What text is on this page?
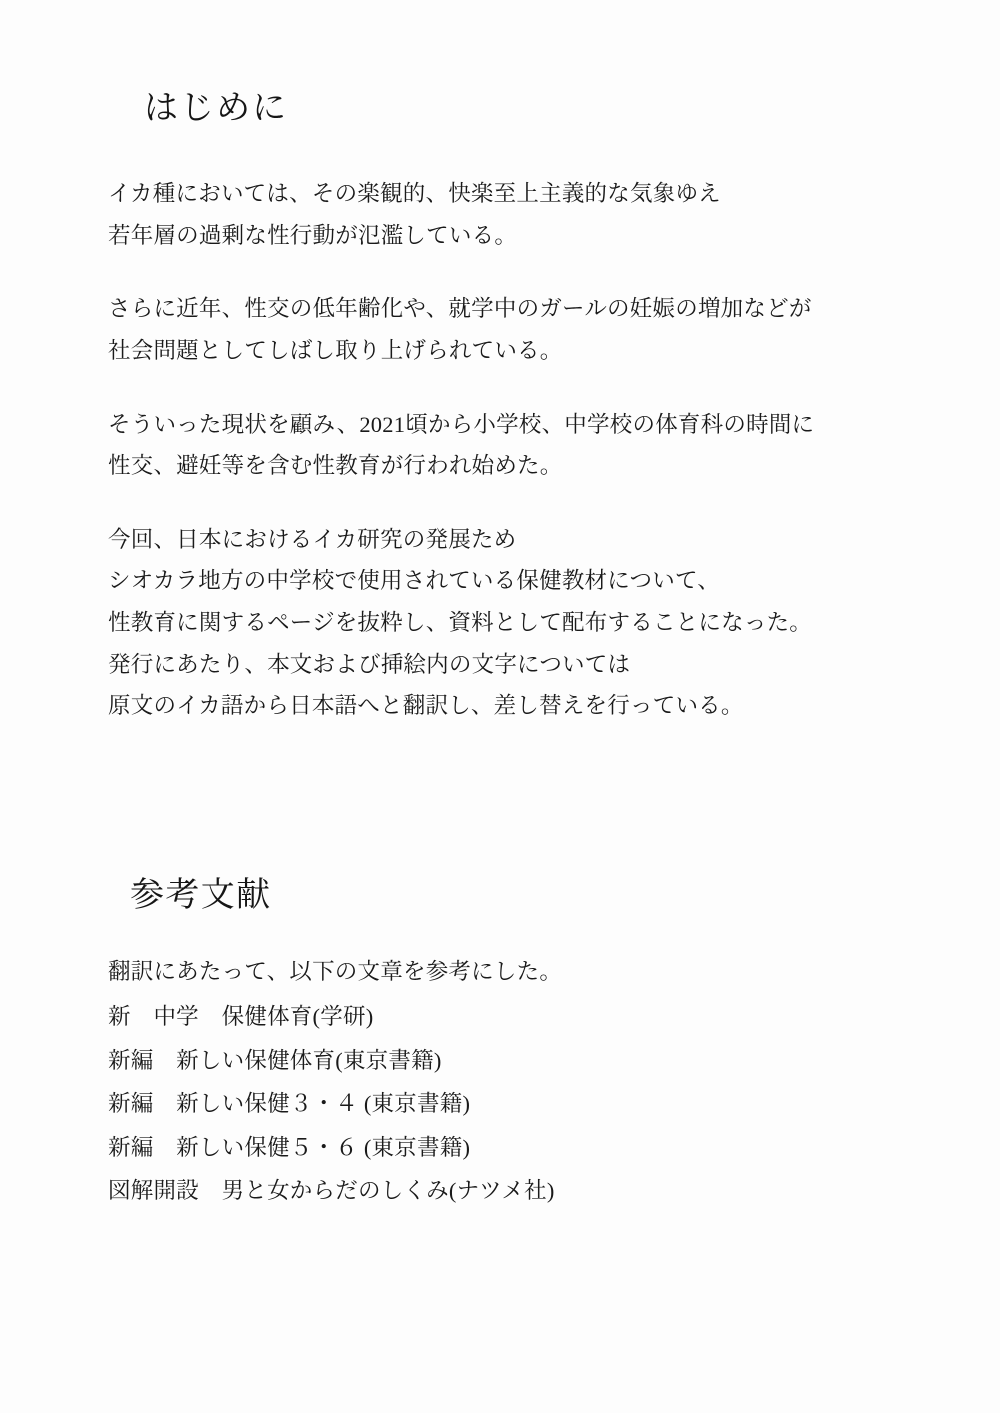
はじめに

イカ種においては、その楽観的、快楽至上主義的な気象ゆえ
若年層の過剰な性行動が氾濫している。

さらに近年、性交の低年齢化や、就学中のガールの妊娠の増加などが
社会問題としてしばし取り上げられている。

そういった現状を顧み、2021頃から小学校、中学校の体育科の時間に
性交、避妊等を含む性教育が行われ始めた。

今回、日本におけるイカ研究の発展ため
シオカラ地方の中学校で使用されている保健教材について、
性教育に関するページを抜粋し、資料として配布することになった。
発行にあたり、本文および挿絵内の文字については
原文のイカ語から日本語へと翻訳し、差し替えを行っている。

参考文献

翻訳にあたって、以下の文章を参考にした。

新　中学　保健体育(学研)
新編　新しい保健体育(東京書籍)
新編　新しい保健３・４ (東京書籍)
新編　新しい保健５・６ (東京書籍)
図解開設　男と女からだのしくみ(ナツメ社)
